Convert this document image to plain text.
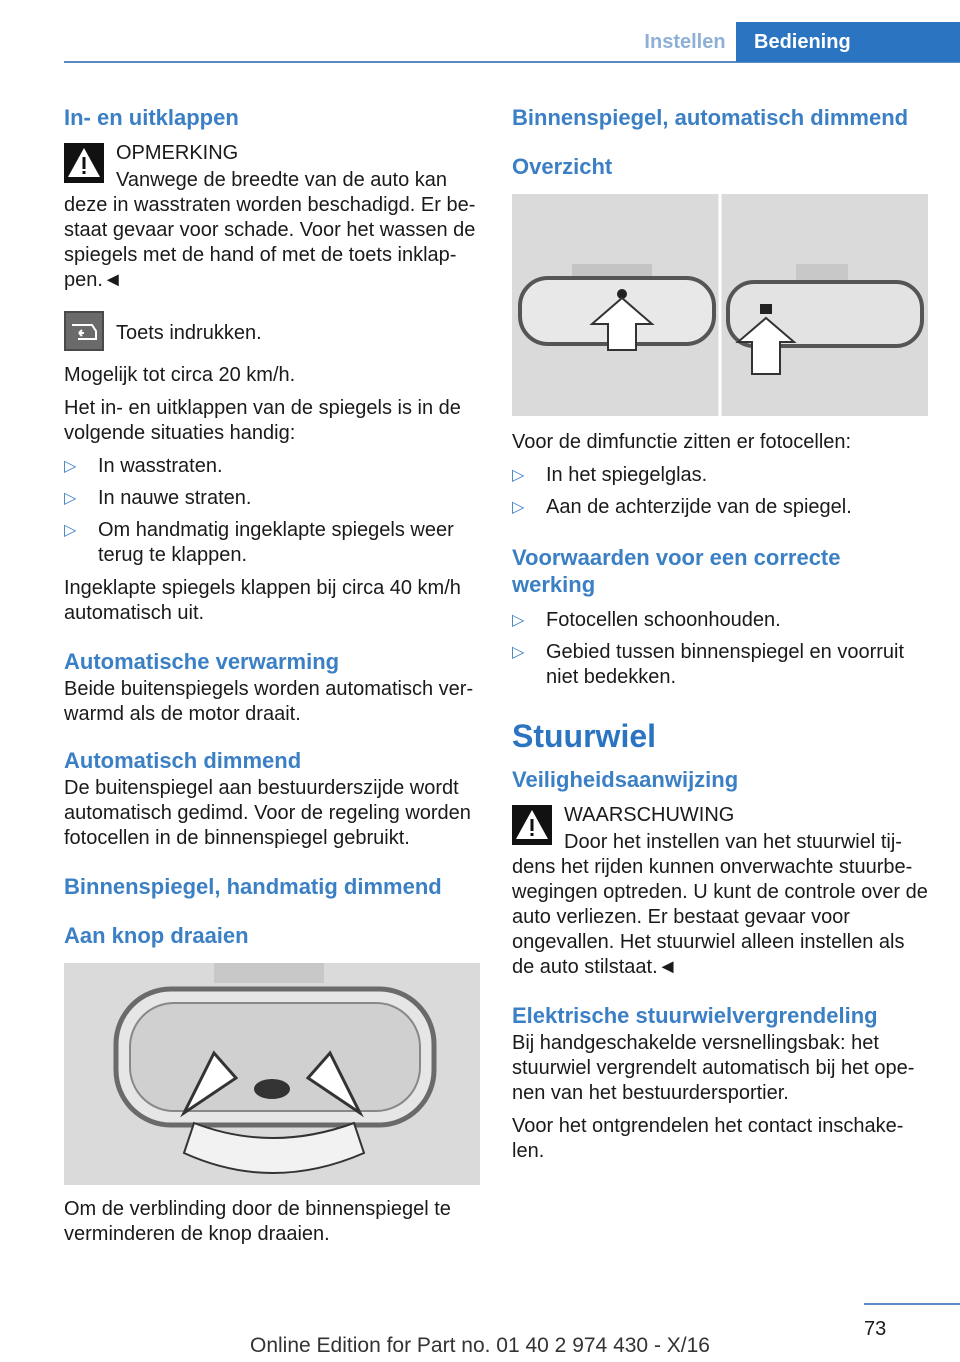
Instellen	Bediening
In- en uitklappen

OPMERKING

Vanwege de breedte van de auto kan deze in wasstraten worden beschadigd. Er bestaat gevaar voor schade. Voor het wassen de spiegels met de hand of met de toets inklappen.◄

Toets indrukken.

Mogelijk tot circa 20 km/h.

Het in- en uitklappen van de spiegels is in de volgende situaties handig:

▷ In wasstraten.
▷ In nauwe straten.
▷ Om handmatig ingeklapte spiegels weer terug te klappen.

Ingeklapte spiegels klappen bij circa 40 km/h automatisch uit.

Automatische verwarming

Beide buitenspiegels worden automatisch verwarmd als de motor draait.

Automatisch dimmend

De buitenspiegel aan bestuurderszijde wordt automatisch gedimd. Voor de regeling worden fotocellen in de binnenspiegel gebruikt.

Binnenspiegel, handmatig dimmend
Aan knop draaien

Om de verblinding door de binnenspiegel te verminderen de knop draaien.

Binnenspiegel, automatisch dimmend
Overzicht

Voor de dimfunctie zitten er fotocellen:

▷ In het spiegelglas.
▷ Aan de achterzijde van de spiegel.
Voorwaarden voor een correcte werking
▷ Fotocellen schoonhouden.
▷ Gebied tussen binnenspiegel en voorruit niet bedekken.
Stuurwiel
Veiligheidsaanwijzing

WAARSCHUWING

Door het instellen van het stuurwiel tijdens het rijden kunnen onverwachte stuurbewegingen optreden. U kunt de controle over de auto verliezen. Er bestaat gevaar voor ongevallen. Het stuurwiel alleen instellen als de auto stilstaat.◄

Elektrische stuurwielvergrendeling

Bij handgeschakelde versnellingsbak: het stuurwiel vergrendelt automatisch bij het openen van het bestuurdersportier.

Voor het ontgrendelen het contact inschakelen.

73
Online Edition for Part no. 01 40 2 974 430 - X/16
